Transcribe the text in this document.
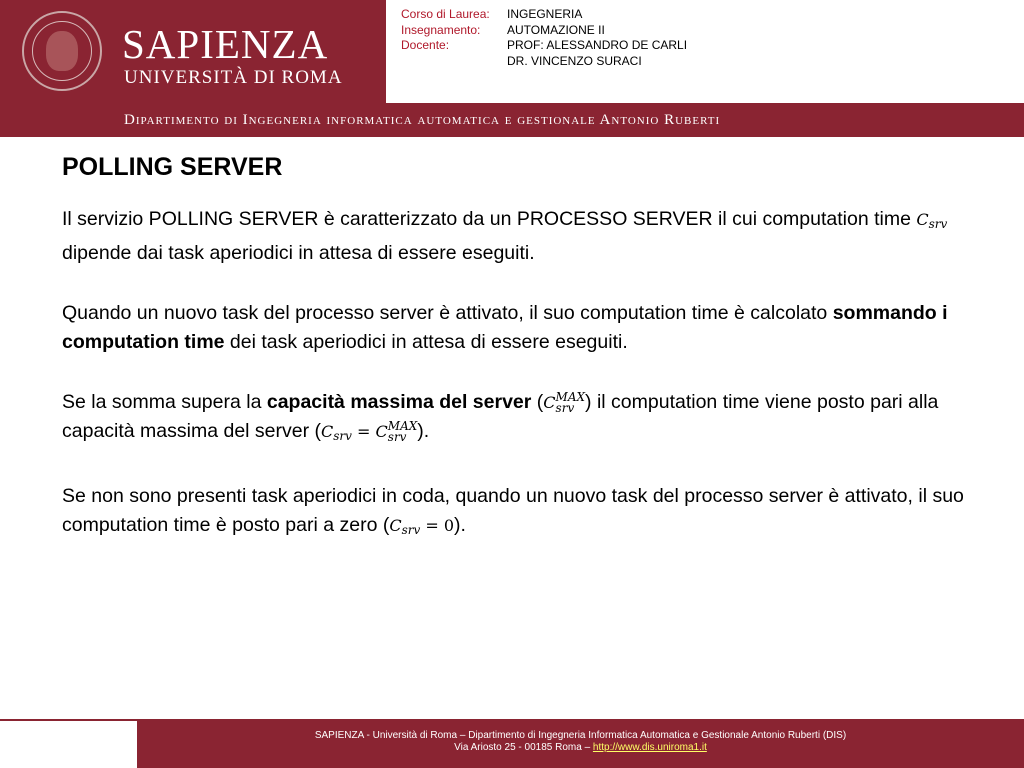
SAPIENZA
UNIVERSITÀ DI ROMA
Corso di Laurea:	INGEGNERIA
Insegnamento:	AUTOMAZIONE II
Docente:	PROF: ALESSANDRO DE CARLI
DR. VINCENZO SURACI
Dipartimento di Ingegneria informatica automatica e gestionale Antonio Ruberti
POLLING SERVER

Il servizio POLLING SERVER è caratterizzato da un PROCESSO SERVER il cui computation time $C_{srv}$ dipende dai task aperiodici in attesa di essere eseguiti.

Quando un nuovo task del processo server è attivato, il suo computation time è calcolato sommando i computation time dei task aperiodici in attesa di essere eseguiti.

Se la somma supera la capacità massima del server (C MAX
srv ) il computation time viene posto pari alla capacità massima del server ($C_{srv} = C$ MAX
srv ).

Se non sono presenti task aperiodici in coda, quando un nuovo task del processo server è attivato, il suo computation time è posto pari a zero $(C_{srv} = 0)$.

SAPIENZA - Università di Roma – Dipartimento di Ingegneria Informatica Automatica e Gestionale Antonio Ruberti (DIS)
Via Ariosto 25 - 00185 Roma – http://www.dis.uniroma1.it
